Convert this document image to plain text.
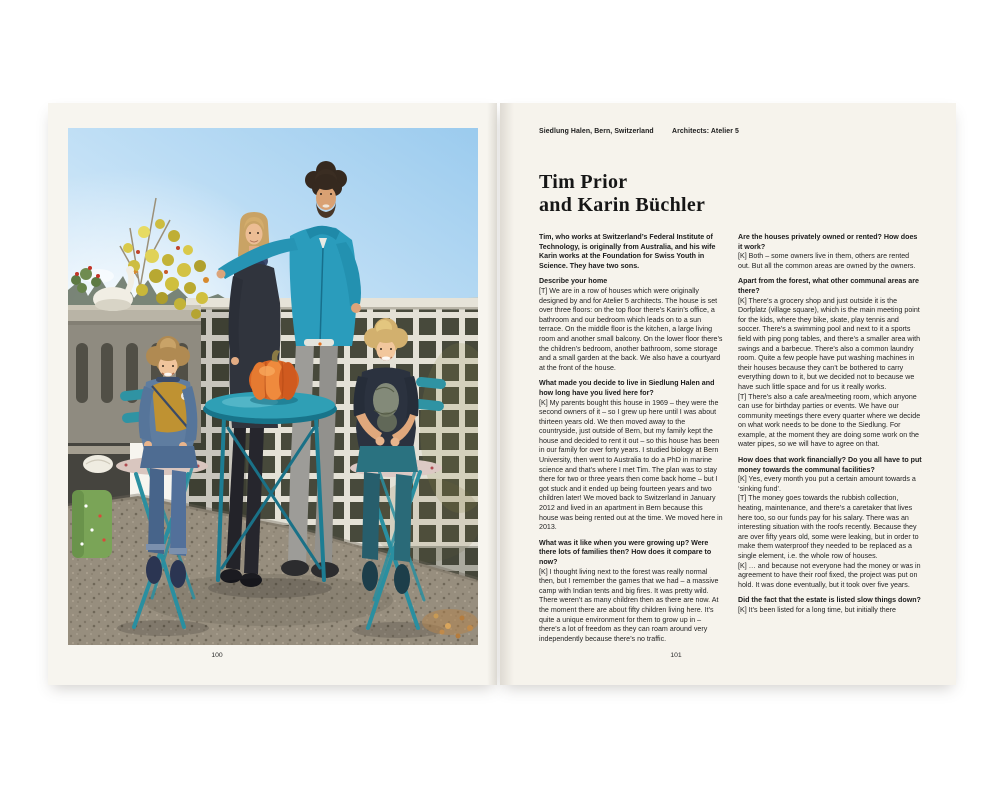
100
Siedlung Halen, Bern, Switzerland	Architects: Atelier 5
Tim Prior
and Karin Büchler

Tim, who works at Switzerland’s Federal Institute of Technology, is originally from Australia, and his wife Karin works at the Foundation for Swiss Youth in Science. They have two sons.

Describe your home

[T] We are in a row of houses which were originally designed by and for Atelier 5 architects. The house is set over three floors: on the top floor there’s Karin’s office, a bathroom and our bedroom which leads on to a sun terrace. On the middle floor is the kitchen, a large living room and another small balcony. On the lower floor there’s the children’s bedroom, another bathroom, some storage and a small garden at the back. We also have a courtyard at the front of the house.

What made you decide to live in Siedlung Halen and how long have you lived here for?

[K] My parents bought this house in 1969 – they were the second owners of it – so I grew up here until I was about thirteen years old. We then moved away to the countryside, just outside of Bern, but my family kept the house and decided to rent it out – so this house has been in our family for over forty years. I studied biology at Bern University, then went to Australia to do a PhD in marine science and that’s where I met Tim. The plan was to stay there for two or three years then come back home – but I got stuck and it ended up being fourteen years and two children later! We moved back to Switzerland in January 2012 and lived in an apartment in Bern because this house was being rented out at the time. We moved here in 2013.

What was it like when you were growing up? Were there lots of families then? How does it compare to now?

[K] I thought living next to the forest was really normal then, but I remember the games that we had – a massive camp with Indian tents and big fires. It was pretty wild. There weren’t as many children then as there are now. At the moment there are about fifty children living here. It’s quite a unique environment for them to grow up in – there’s a lot of freedom as they can roam around very independently because there’s no traffic.

Are the houses privately owned or rented? How does it work?

[K] Both – some owners live in them, others are rented out. But all the common areas are owned by the owners.

Apart from the forest, what other communal areas are there?

[K] There’s a grocery shop and just outside it is the Dorfplatz (village square), which is the main meeting point for the kids, where they bike, skate, play tennis and soccer. There’s a swimming pool and next to it a sports field with ping pong tables, and there’s a smaller area with swings and a barbecue. There’s also a common laundry room. Quite a few people have put washing machines in their houses because they can’t be bothered to carry everything down to it, but we decided not to because we have such little space and for us it really works.

[T] There’s also a cafe area/meeting room, which anyone can use for birthday parties or events. We have our community meetings there every quarter where we decide on what work needs to be done to the Siedlung. For example, at the moment they are doing some work on the water pipes, so we will have to agree on that.

How does that work financially? Do you all have to put money towards the communal facilities?

[K] Yes, every month you put a certain amount towards a ‘sinking fund’.

[T] The money goes towards the rubbish collection, heating, maintenance, and there’s a caretaker that lives here too, so our funds pay for his salary. There was an interesting situation with the roofs recently. Because they are over fifty years old, some were leaking, but in order to make them waterproof they needed to be replaced as a single element, i.e. the whole row of houses.

[K] … and because not everyone had the money or was in agreement to have their roof fixed, the project was put on hold. It was done eventually, but it took over five years.

Did the fact that the estate is listed slow things down?

[K] It’s been listed for a long time, but initially there

101
